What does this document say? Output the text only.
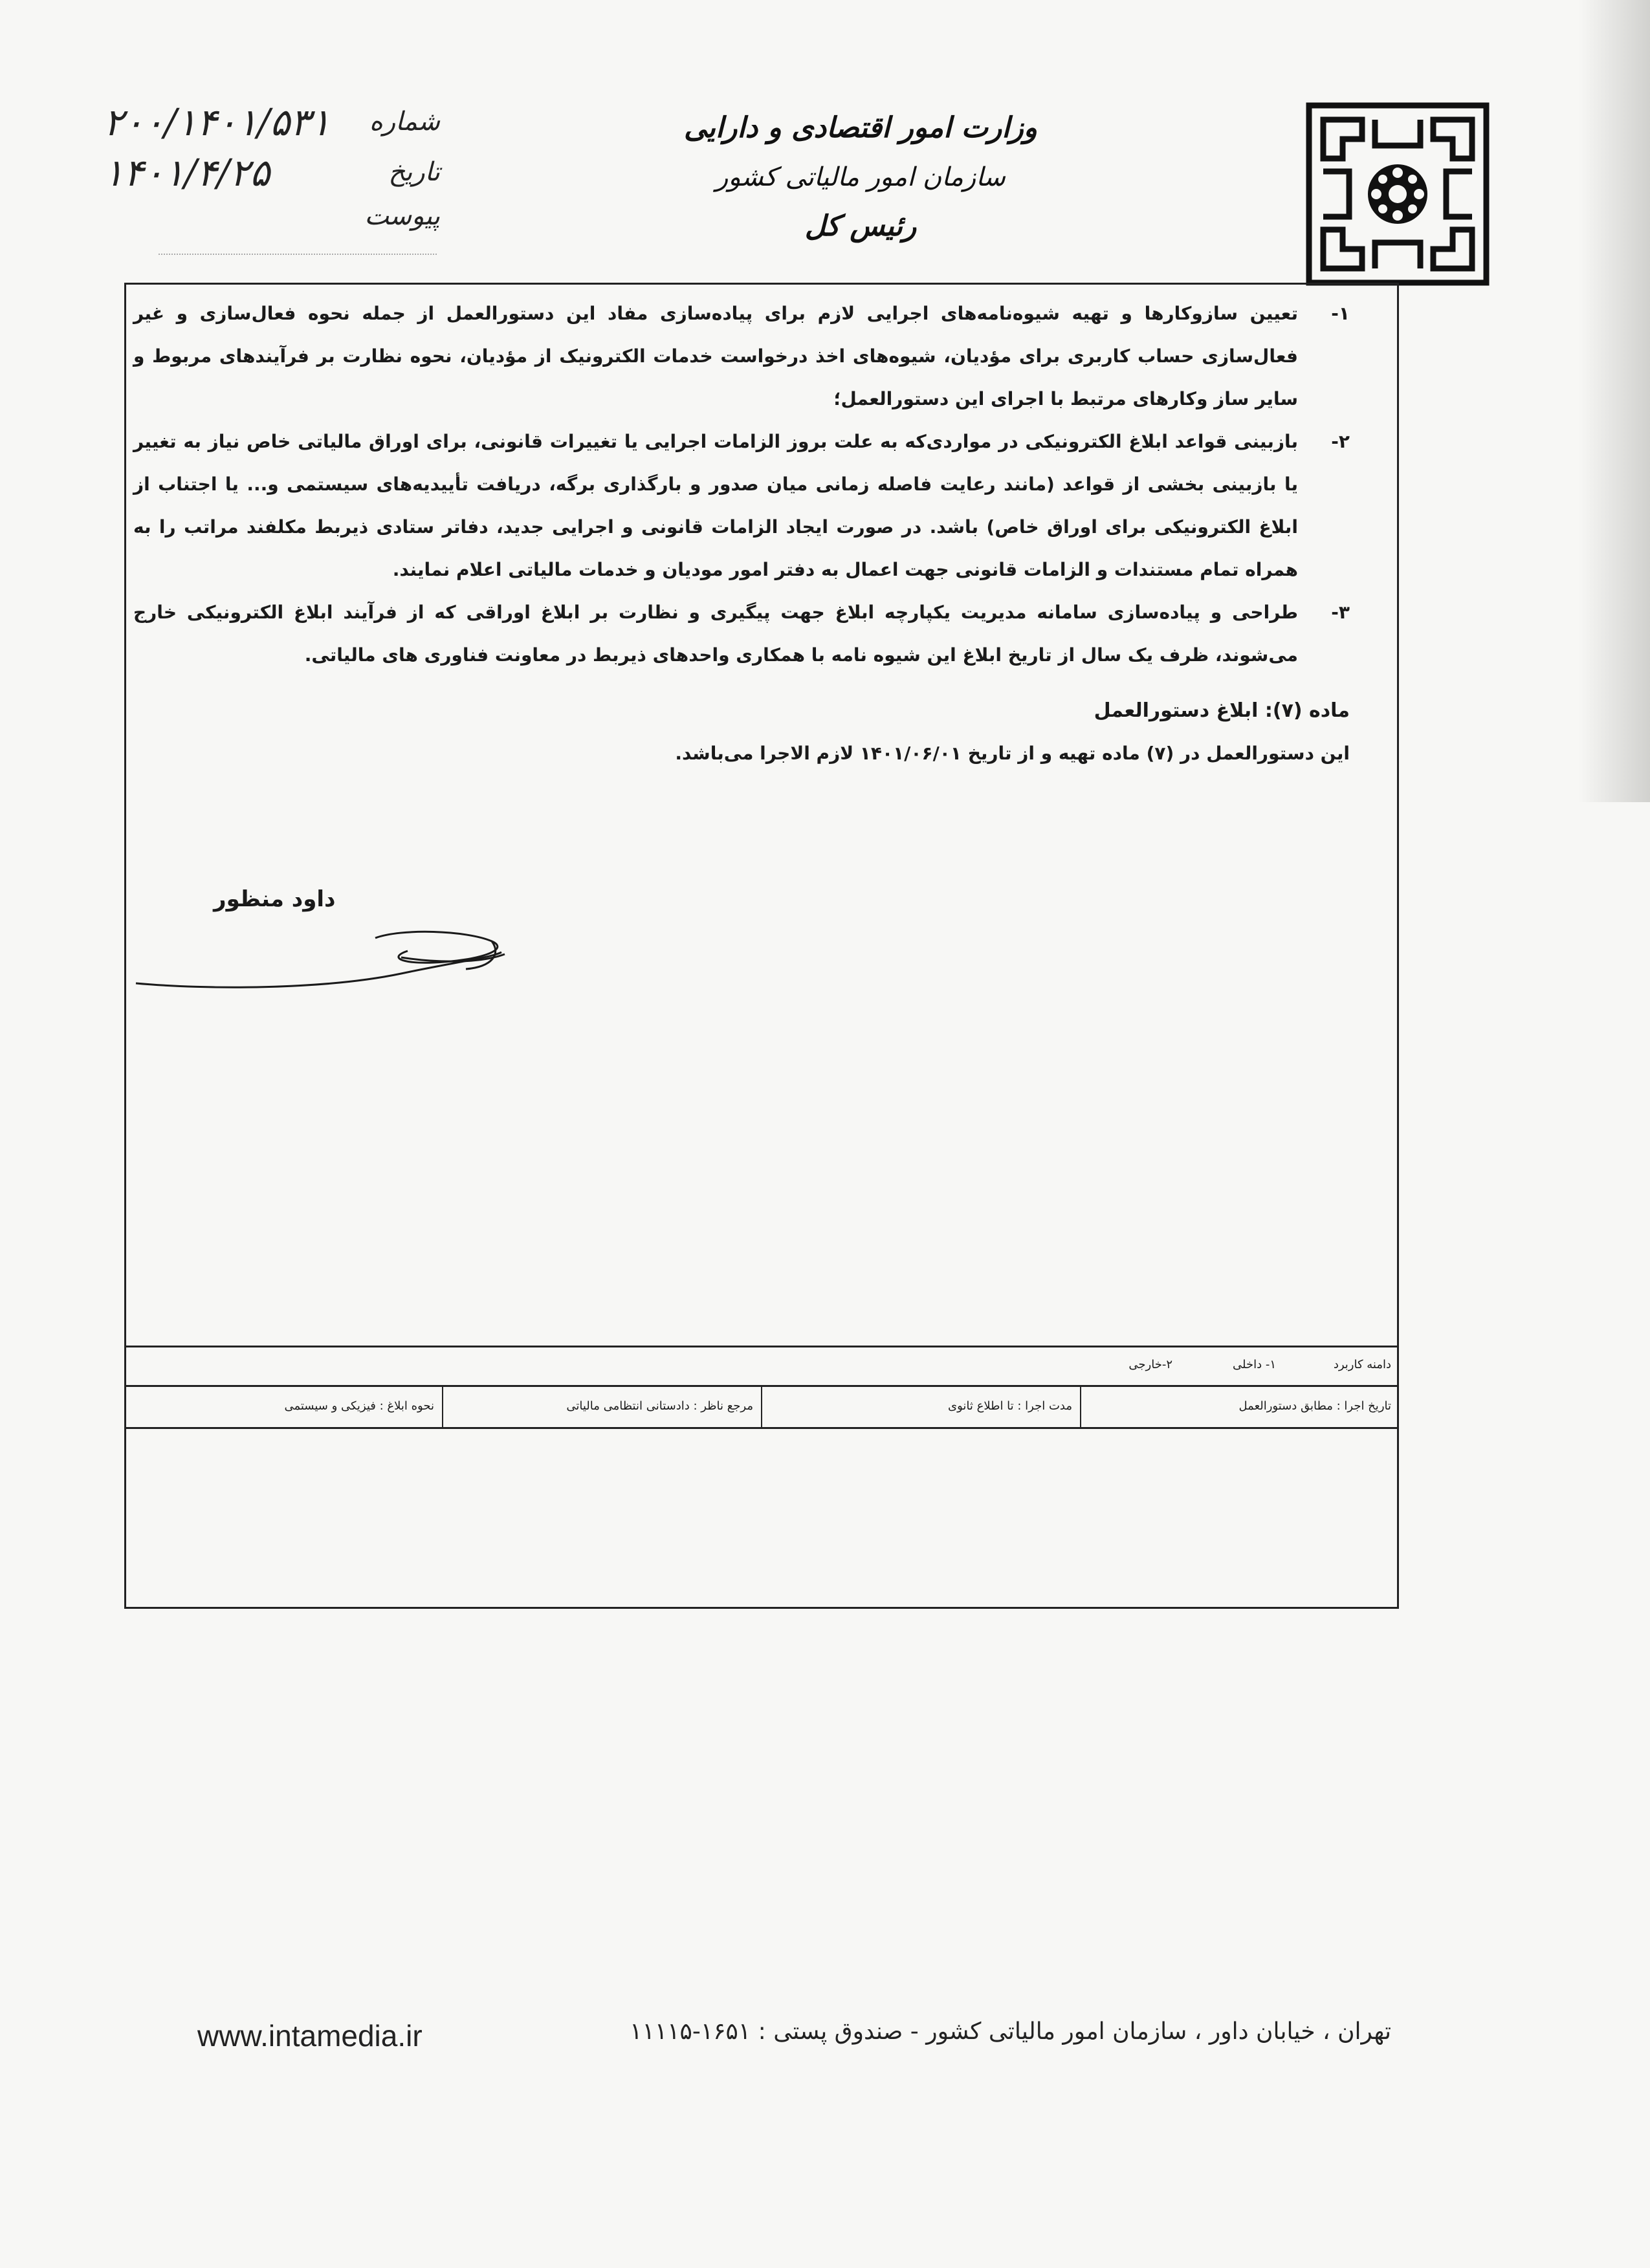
وزارت امور اقتصادی و دارایی
سازمان امور مالیاتی کشور
رئیس کل
شماره
۲۰۰/۱۴۰۱/۵۳۱
تاریخ
۱۴۰۱/۴/۲۵
پیوست
۱-
تعیین سازوکارها و تهیه شیوه‌نامه‌های اجرایی لازم برای پیاده‌سازی مفاد این دستورالعمل از جمله نحوه فعال‌سازی و غیر فعال‌سازی حساب کاربری برای مؤدیان، شیوه‌های اخذ درخواست خدمات الکترونیک از مؤدیان، نحوه نظارت بر فرآیندهای مربوط و سایر ساز وکارهای مرتبط با اجرای این دستورالعمل؛
۲-
بازبینی قواعد ابلاغ الکترونیکی در مواردی‌که به علت بروز الزامات اجرایی یا تغییرات قانونی، برای اوراق مالیاتی خاص نیاز به تغییر یا بازبینی بخشی از قواعد (مانند رعایت فاصله زمانی میان صدور و بارگذاری برگه، دریافت تأییدیه‌های سیستمی و... یا اجتناب از ابلاغ الکترونیکی برای اوراق خاص) باشد. در صورت ایجاد الزامات قانونی و اجرایی جدید، دفاتر ستادی ذیربط مکلفند مراتب را به همراه تمام مستندات و الزامات قانونی جهت اعمال به دفتر امور مودیان و خدمات مالیاتی اعلام نمایند.
۳-
طراحی و پیاده‌سازی سامانه مدیریت یکپارچه ابلاغ جهت پیگیری و نظارت بر ابلاغ اوراقی که از فرآیند ابلاغ الکترونیکی خارج می‌شوند، ظرف یک سال از تاریخ ابلاغ این شیوه نامه با همکاری واحدهای ذیربط در معاونت فناوری های مالیاتی.
ماده (۷): ابلاغ دستورالعمل
این دستورالعمل در (۷) ماده تهیه و از تاریخ ۱۴۰۱/۰۶/۰۱ لازم الاجرا می‌باشد.
داود منظور
دامنه کاربرد
۱- داخلی
۲-خارجی
تاریخ اجرا : مطابق دستورالعمل
مدت اجرا : تا اطلاع ثانوی
مرجع ناظر : دادستانی انتظامی مالیاتی
نحوه ابلاغ : فیزیکی و سیستمی
www.intamedia.ir	تهران ، خیابان داور ، سازمان امور مالیاتی کشور - صندوق پستی : ۱۶۵۱-۱۱۱۱۵
